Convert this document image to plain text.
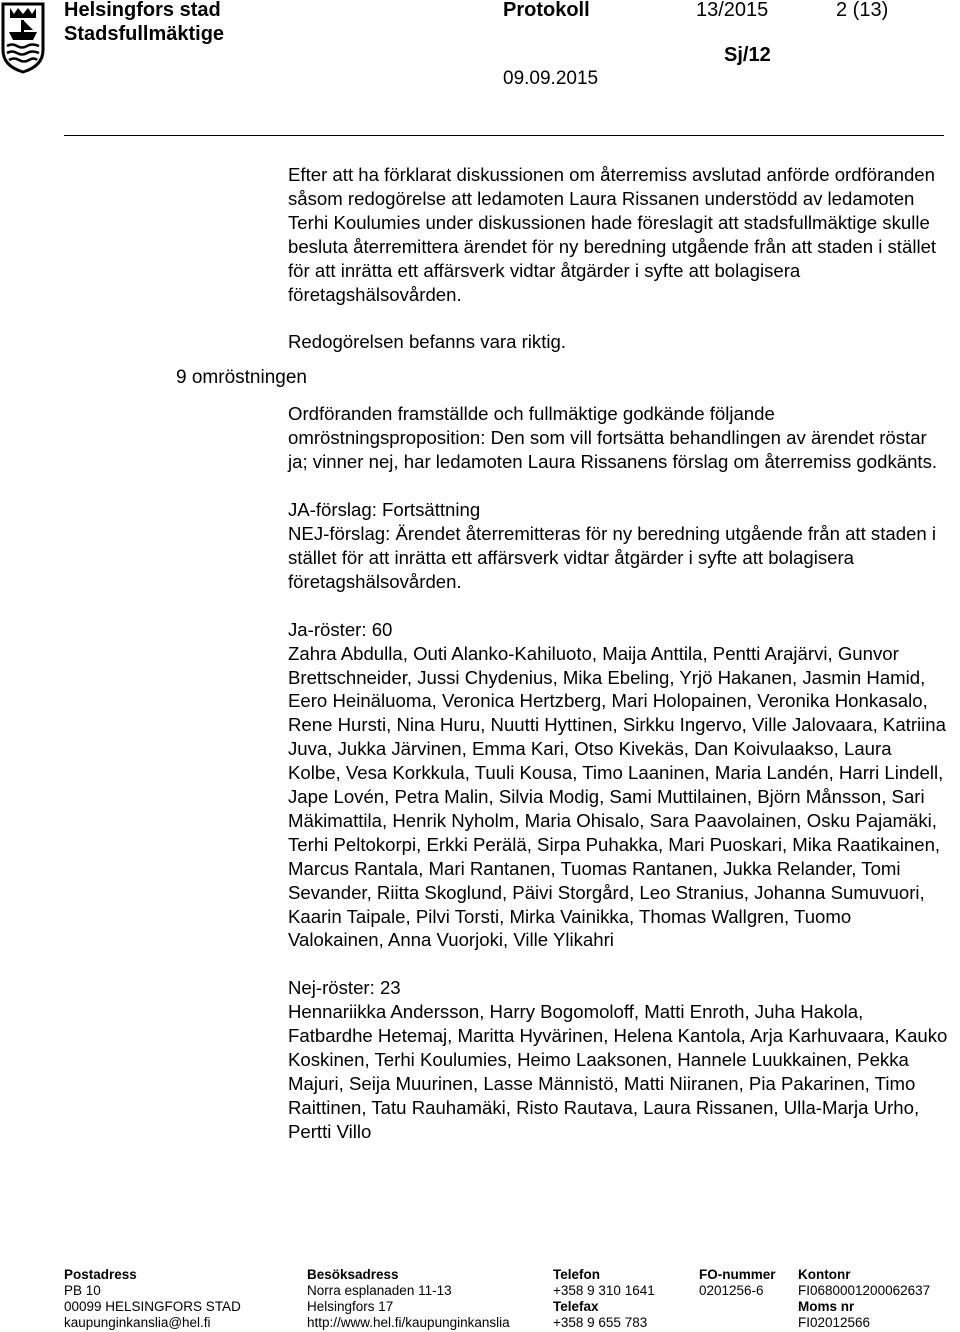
Helsingfors stad
Stadsfullmäktige
Protokoll	13/2015	2 (13)
Sj/12
09.09.2015
9 omröstningen

Efter att ha förklarat diskussionen om återremiss avslutad anförde ordföranden såsom redogörelse att ledamoten Laura Rissanen understödd av ledamoten Terhi Koulumies under diskussionen hade föreslagit att stadsfullmäktige skulle besluta återremittera ärendet för ny beredning utgående från att staden i stället för att inrätta ett affärsverk vidtar åtgärder i syfte att bolagisera företagshälsovården.

Redogörelsen befanns vara riktig.

Ordföranden framställde och fullmäktige godkände följande omröstningsproposition: Den som vill fortsätta behandlingen av ärendet röstar ja; vinner nej, har ledamoten Laura Rissanens förslag om återremiss godkänts.

JA-förslag: Fortsättning

NEJ-förslag: Ärendet återremitteras för ny beredning utgående från att staden i stället för att inrätta ett affärsverk vidtar åtgärder i syfte att bolagisera företagshälsovården.

Ja-röster: 60

Zahra Abdulla, Outi Alanko-Kahiluoto, Maija Anttila, Pentti Arajärvi, Gunvor Brettschneider, Jussi Chydenius, Mika Ebeling, Yrjö Hakanen, Jasmin Hamid, Eero Heinäluoma, Veronica Hertzberg, Mari Holopainen, Veronika Honkasalo, Rene Hursti, Nina Huru, Nuutti Hyttinen, Sirkku Ingervo, Ville Jalovaara, Katriina Juva, Jukka Järvinen, Emma Kari, Otso Kivekäs, Dan Koivulaakso, Laura Kolbe, Vesa Korkkula, Tuuli Kousa, Timo Laaninen, Maria Landén, Harri Lindell, Jape Lovén, Petra Malin, Silvia Modig, Sami Muttilainen, Björn Månsson, Sari Mäkimattila, Henrik Nyholm, Maria Ohisalo, Sara Paavolainen, Osku Pajamäki, Terhi Peltokorpi, Erkki Perälä, Sirpa Puhakka, Mari Puoskari, Mika Raatikainen, Marcus Rantala, Mari Rantanen, Tuomas Rantanen, Jukka Relander, Tomi Sevander, Riitta Skoglund, Päivi Storgård, Leo Stranius, Johanna Sumuvuori, Kaarin Taipale, Pilvi Torsti, Mirka Vainikka, Thomas Wallgren, Tuomo Valokainen, Anna Vuorjoki, Ville Ylikahri

Nej-röster: 23

Hennariikka Andersson, Harry Bogomoloff, Matti Enroth, Juha Hakola, Fatbardhe Hetemaj, Maritta Hyvärinen, Helena Kantola, Arja Karhuvaara, Kauko Koskinen, Terhi Koulumies, Heimo Laaksonen, Hannele Luukkainen, Pekka Majuri, Seija Muurinen, Lasse Männistö, Matti Niiranen, Pia Pakarinen, Timo Raittinen, Tatu Rauhamäki, Risto Rautava, Laura Rissanen, Ulla-Marja Urho, Pertti Villo

Postadress
PB 10
00099 HELSINGFORS STAD
kaupunginkanslia@hel.fi
Besöksadress
Norra esplanaden 11-13
Helsingfors 17
http://www.hel.fi/kaupunginkanslia
Telefon
+358 9 310 1641
Telefax
+358 9 655 783
FO-nummer
0201256-6
Kontonr
FI0680001200062637
Moms nr
FI02012566
